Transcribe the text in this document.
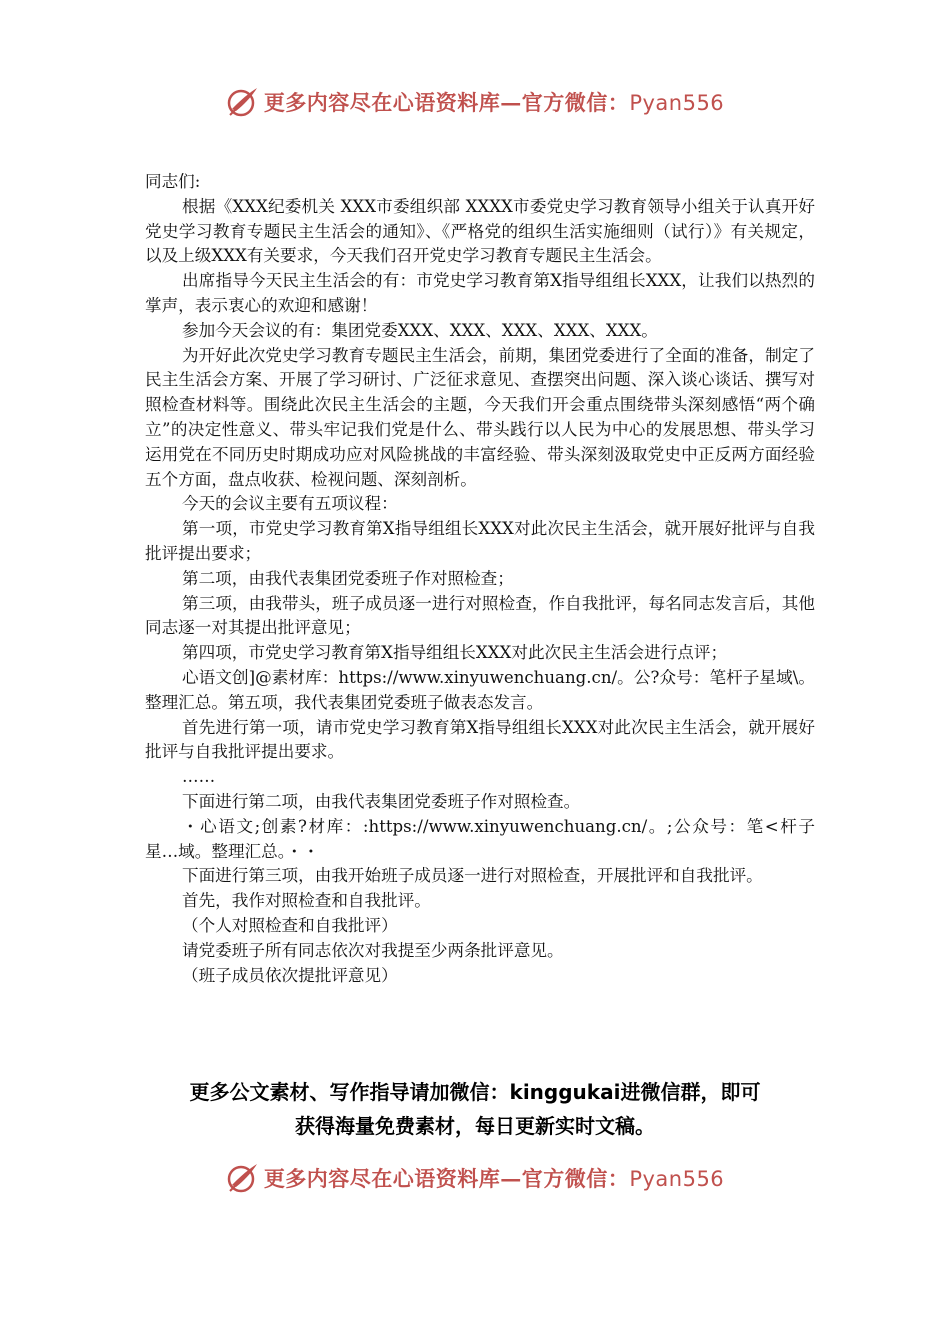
更多内容尽在心语资料库—官方微信：Pyan556

同志们:

根据《XXX纪委机关 XXX市委组织部 XXXX市委党史学习教育领导小组关于认真开好党史学习教育专题民主生活会的通知》、《严格党的组织生活实施细则（试行）》有关规定，以及上级XXX有关要求，今天我们召开党史学习教育专题民主生活会。

出席指导今天民主生活会的有：市党史学习教育第X指导组组长XXX，让我们以热烈的掌声，表示衷心的欢迎和感谢！

参加今天会议的有：集团党委XXX、XXX、XXX、XXX、XXX。

为开好此次党史学习教育专题民主生活会，前期，集团党委进行了全面的准备，制定了民主生活会方案、开展了学习研讨、广泛征求意见、查摆突出问题、深入谈心谈话、撰写对照检查材料等。围绕此次民主生活会的主题，今天我们开会重点围绕带头深刻感悟“两个确立”的决定性意义、带头牢记我们党是什么、带头践行以人民为中心的发展思想、带头学习运用党在不同历史时期成功应对风险挑战的丰富经验、带头深刻汲取党史中正反两方面经验五个方面，盘点收获、检视问题、深刻剖析。

今天的会议主要有五项议程：

第一项，市党史学习教育第X指导组组长XXX对此次民主生活会，就开展好批评与自我批评提出要求；

第二项，由我代表集团党委班子作对照检查；

第三项，由我带头，班子成员逐一进行对照检查，作自我批评，每名同志发言后，其他同志逐一对其提出批评意见；

第四项，市党史学习教育第X指导组组长XXX对此次民主生活会进行点评；

心语文创]@素材库：https://www.xinyuwenchuang.cn/。公?众号：笔杆子星域\。整理汇总。第五项，我代表集团党委班子做表态发言。

首先进行第一项，请市党史学习教育第X指导组组长XXX对此次民主生活会，就开展好批评与自我批评提出要求。

……

下面进行第二项，由我代表集团党委班子作对照检查。

・心语文;创素?材库：:https://www.xinyuwenchuang.cn/。;公众号：笔<杆子星…域。整理汇总。・・

下面进行第三项，由我开始班子成员逐一进行对照检查，开展批评和自我批评。

首先，我作对照检查和自我批评。

（个人对照检查和自我批评）

请党委班子所有同志依次对我提至少两条批评意见。

（班子成员依次提批评意见）

更多公文素材、写作指导请加微信：kinggukai进微信群，即可
获得海量免费素材，每日更新实时文稿。
更多内容尽在心语资料库—官方微信：Pyan556
